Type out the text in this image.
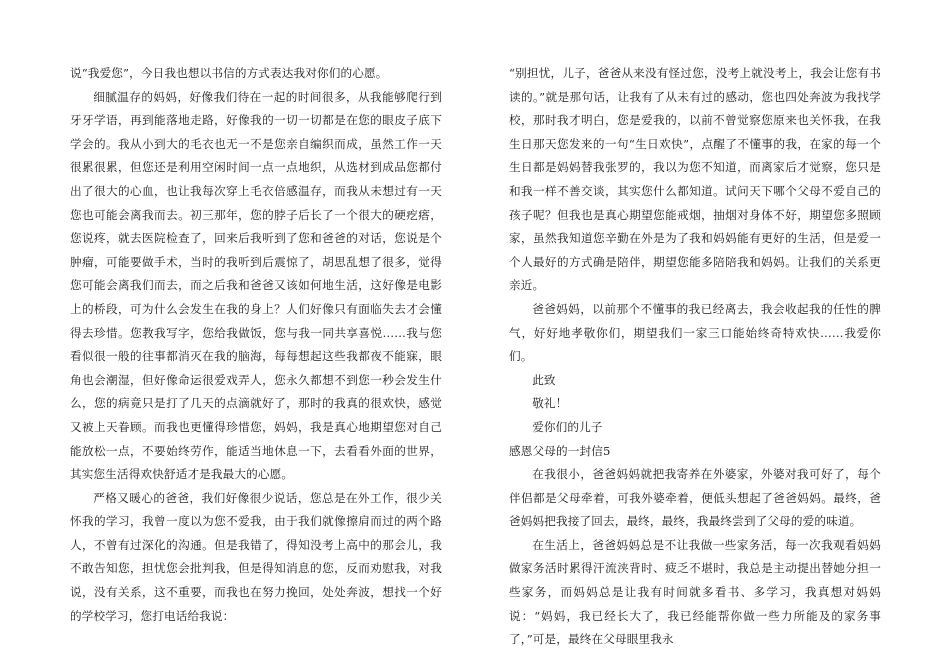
说“我爱您”，今日我也想以书信的方式表达我对你们的心愿。

细腻温存的妈妈，好像我们待在一起的时间很多，从我能够爬行到牙牙学语，再到能落地走路，好像我的一切一切都是在您的眼皮子底下学会的。我从小到大的毛衣也无一不是您亲自编织而成，虽然工作一天很累很累，但您还是利用空闲时间一点一点地织，从选材到成品您都付出了很大的心血，也让我每次穿上毛衣倍感温存，而我从未想过有一天您也可能会离我而去。初三那年，您的脖子后长了一个很大的硬疙瘩，您说疼，就去医院检查了，回来后我听到了您和爸爸的对话，您说是个肿瘤，可能要做手术，当时的我听到后震惊了，胡思乱想了很多，觉得您可能会离我们而去，而之后我和爸爸又该如何地生活，这好像是电影上的桥段，可为什么会发生在我的身上？人们好像只有面临失去才会懂得去珍惜。您教我写字，您给我做饭，您与我一同共享喜悦……我与您看似很一般的往事都消灭在我的脑海，每每想起这些我都夜不能寐，眼角也会潮湿，但好像命运很爱戏弄人，您永久都想不到您一秒会发生什么，您的病竟只是打了几天的点滴就好了，那时的我真的很欢快，感觉又被上天眷顾。而我也更懂得珍惜您，妈妈，我是真心地期望您对自己能放松一点，不要始终劳作，能适当地休息一下，去看看外面的世界，其实您生活得欢快舒适才是我最大的心愿。

严格又暖心的爸爸，我们好像很少说话，您总是在外工作，很少关怀我的学习，我曾一度以为您不爱我，由于我们就像擦肩而过的两个路人，不曾有过深化的沟通。但是我错了，得知没考上高中的那会儿，我不敢告知您，担忧您会批判我，但是得知消息的您，反而劝慰我，对我说，没有关系，这不重要，而我也在努力挽回，处处奔波，想找一个好的学校学习，您打电话给我说：

“别担忧，儿子，爸爸从来没有怪过您，没考上就没考上，我会让您有书读的。”就是那句话，让我有了从未有过的感动，您也四处奔波为我找学校，那时我才明白，您是爱我的，以前不曾觉察您原来也关怀我，在我生日那天您发来的一句“生日欢快”，点醒了不懂事的我，在家的每一个生日都是妈妈替我张罗的，我以为您不知道，而离家后才觉察，您只是和我一样不善交谈，其实您什么都知道。试问天下哪个父母不爱自己的孩子呢？但我也是真心期望您能戒烟，抽烟对身体不好，期望您多照顾家，虽然我知道您辛勤在外是为了我和妈妈能有更好的生活，但是爱一个人最好的方式确是陪伴，期望您能多陪陪我和妈妈。让我们的关系更亲近。

爸爸妈妈，以前那个不懂事的我已经离去，我会收起我的任性的脾气，好好地孝敬你们，期望我们一家三口能始终奇特欢快……我爱你们。

此致

敬礼！

爱你们的儿子

感恩父母的一封信5

在我很小，爸爸妈妈就把我寄养在外婆家，外婆对我可好了，每个伴侣都是父母牵着，可我外婆牵着，便低头想起了爸爸妈妈。最终，爸爸妈妈把我接了回去，最终，最终，我最终尝到了父母的爱的味道。

在生活上，爸爸妈妈总是不让我做一些家务活，每一次我观看妈妈做家务活时累得汗流浃背时、疲乏不堪时，我总是主动提出替她分担一些家务，而妈妈总是让我有时间就多看书、多学习，我真想对妈妈说：“妈妈，我已经长大了，我已经能帮你做一些力所能及的家务事了，”可是，最终在父母眼里我永
